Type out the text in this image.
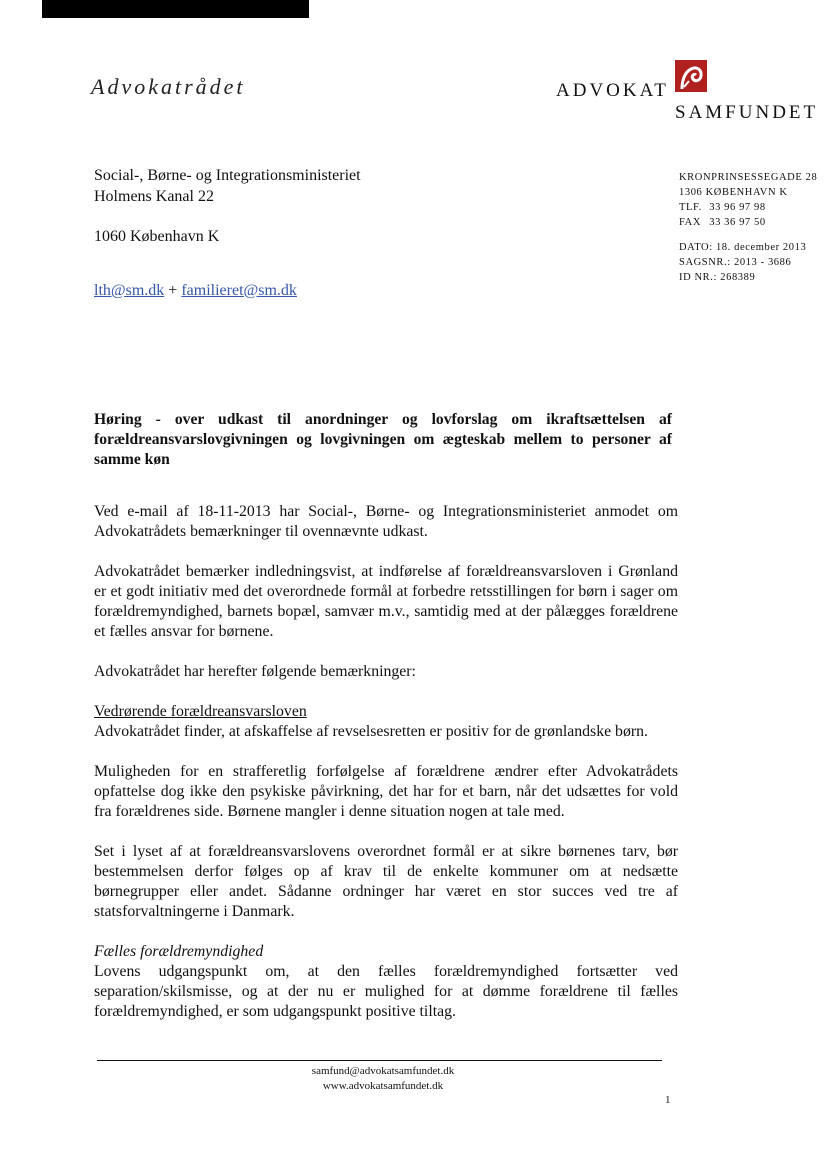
Advokatrådet	ADVOKAT
SAMFUNDET
Social-, Børne- og Integrationsministeriet
Holmens Kanal 22
1060 København K
lth@sm.dk + familieret@sm.dk
KRONPRINSESSEGADE 28
1306 KØBENHAVN K
TLF. 33 96 97 98
FAX 33 36 97 50
DATO: 18. december 2013
SAGSNR.: 2013 - 3686
ID NR.: 268389
Høring - over udkast til anordninger og lovforslag om ikraftsættelsen af forældreansvarslovgivningen og lovgivningen om ægteskab mellem to personer af samme køn

Ved e-mail af 18-11-2013 har Social-, Børne- og Integrationsministeriet anmodet om Advokatrådets bemærkninger til ovennævnte udkast.

Advokatrådet bemærker indledningsvist, at indførelse af forældreansvarsloven i Grønland er et godt initiativ med det overordnede formål at forbedre retsstillingen for børn i sager om forældremyndighed, barnets bopæl, samvær m.v., samtidig med at der pålægges forældrene et fælles ansvar for børnene.

Advokatrådet har herefter følgende bemærkninger:

Vedrørende forældreansvarsloven

Advokatrådet finder, at afskaffelse af revselsesretten er positiv for de grønlandske børn.

Muligheden for en strafferetlig forfølgelse af forældrene ændrer efter Advokatrådets opfattelse dog ikke den psykiske påvirkning, det har for et barn, når det udsættes for vold fra forældrenes side. Børnene mangler i denne situation nogen at tale med.

Set i lyset af at forældreansvarslovens overordnet formål er at sikre børnenes tarv, bør bestemmelsen derfor følges op af krav til de enkelte kommuner om at nedsætte børnegrupper eller andet. Sådanne ordninger har været en stor succes ved tre af statsforvaltningerne i Danmark.

Fælles forældremyndighed

Lovens udgangspunkt om, at den fælles forældremyndighed fortsætter ved separation/skilsmisse, og at der nu er mulighed for at dømme forældrene til fælles forældremyndighed, er som udgangspunkt positive tiltag.

samfund@advokatsamfundet.dk
www.advokatsamfundet.dk
1
